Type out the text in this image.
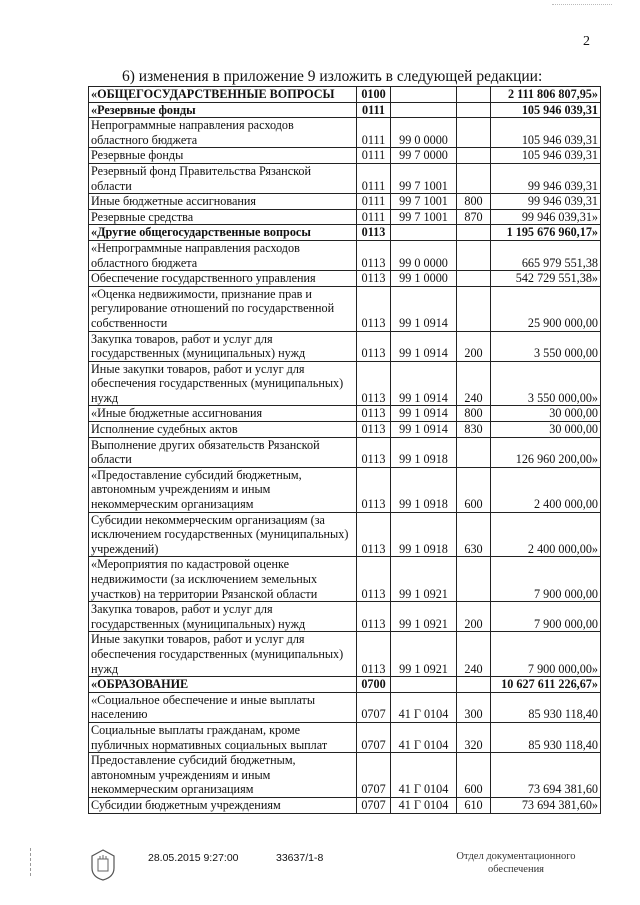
2
6) изменения в приложение 9 изложить в следующей редакции:
«ОБЩЕГОСУДАРСТВЕННЫЕ ВОПРОСЫ	0100			2 111 806 807,95»
«Резервные фонды	0111			105 946 039,31
Непрограммные направления расходов областного бюджета	0111	99 0 0000		105 946 039,31
Резервные фонды	0111	99 7 0000		105 946 039,31
Резервный фонд Правительства Рязанской области	0111	99 7 1001		99 946 039,31
Иные бюджетные ассигнования	0111	99 7 1001	800	99 946 039,31
Резервные средства	0111	99 7 1001	870	99 946 039,31»
«Другие общегосударственные вопросы	0113			1 195 676 960,17»
«Непрограммные направления расходов областного бюджета	0113	99 0 0000		665 979 551,38
Обеспечение государственного управления	0113	99 1 0000		542 729 551,38»
«Оценка недвижимости, признание прав и регулирование отношений по государственной собственности	0113	99 1 0914		25 900 000,00
Закупка товаров, работ и услуг для государственных (муниципальных) нужд	0113	99 1 0914	200	3 550 000,00
Иные закупки товаров, работ и услуг для обеспечения государственных (муниципальных) нужд	0113	99 1 0914	240	3 550 000,00»
«Иные бюджетные ассигнования	0113	99 1 0914	800	30 000,00
Исполнение судебных актов	0113	99 1 0914	830	30 000,00
Выполнение других обязательств Рязанской области	0113	99 1 0918		126 960 200,00»
«Предоставление субсидий бюджетным, автономным учреждениям и иным некоммерческим организациям	0113	99 1 0918	600	2 400 000,00
Субсидии некоммерческим организациям (за исключением государственных (муниципальных) учреждений)	0113	99 1 0918	630	2 400 000,00»
«Мероприятия по кадастровой оценке недвижимости (за исключением земельных участков) на территории Рязанской области	0113	99 1 0921		7 900 000,00
Закупка товаров, работ и услуг для государственных (муниципальных) нужд	0113	99 1 0921	200	7 900 000,00
Иные закупки товаров, работ и услуг для обеспечения государственных (муниципальных) нужд	0113	99 1 0921	240	7 900 000,00»
«ОБРАЗОВАНИЕ	0700			10 627 611 226,67»
«Социальное обеспечение и иные выплаты населению	0707	41 Г 0104	300	85 930 118,40
Социальные выплаты гражданам, кроме публичных нормативных социальных выплат	0707	41 Г 0104	320	85 930 118,40
Предоставление субсидий бюджетным, автономным учреждениям и иным некоммерческим организациям	0707	41 Г 0104	600	73 694 381,60
Субсидии бюджетным учреждениям	0707	41 Г 0104	610	73 694 381,60»
28.05.2015 9:27:00	33637/1-8	Отдел документационного
обеспечения
